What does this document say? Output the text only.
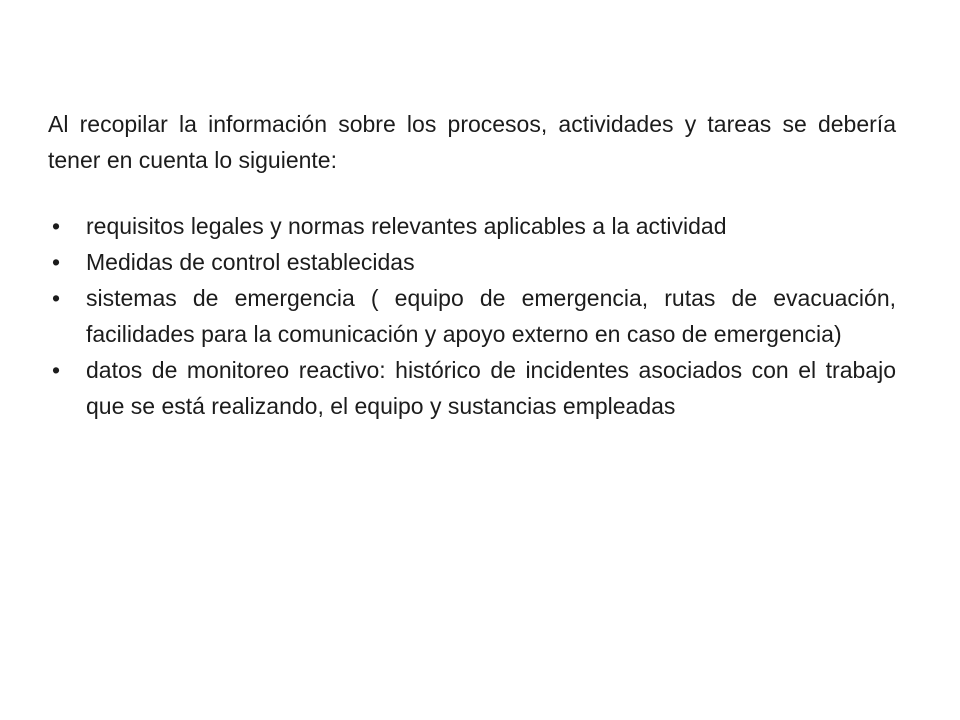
Al recopilar la información sobre los procesos, actividades y tareas se debería tener en cuenta lo siguiente:

•	requisitos legales y normas relevantes aplicables a la actividad
•	Medidas de control establecidas
•	sistemas de emergencia ( equipo de emergencia, rutas de evacuación, facilidades para la comunicación y apoyo externo en caso de emergencia)
•	datos de monitoreo reactivo: histórico de incidentes asociados con el trabajo que se está realizando, el equipo y sustancias empleadas
